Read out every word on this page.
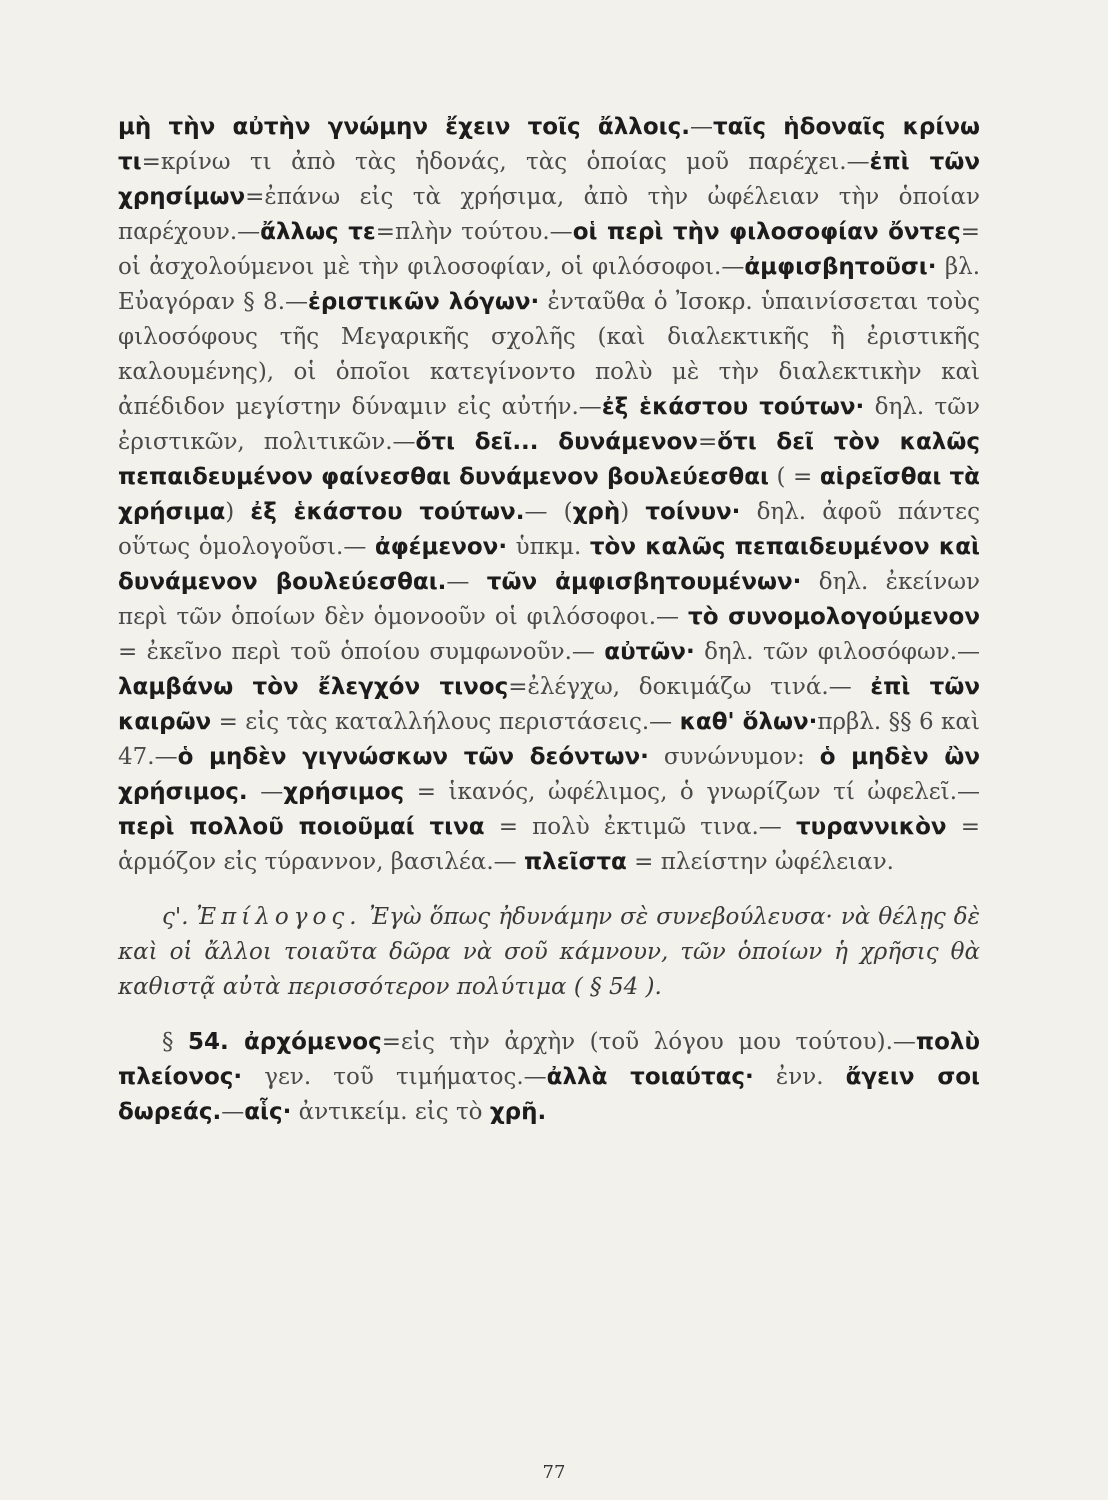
μὴ τὴν αὐτὴν γνώμην ἔχειν τοῖς ἄλλοις.—ταῖς ἡδοναῖς κρίνω τι=κρίνω τι ἀπὸ τὰς ἡδονάς, τὰς ὁποίας μοῦ παρέχει.—ἐπὶ τῶν χρησίμων=ἐπάνω εἰς τὰ χρήσιμα, ἀπὸ τὴν ὠφέλειαν τὴν ὁποίαν παρέχουν.—ἄλλως τε=πλὴν τούτου.—οἱ περὶ τὴν φιλοσοφίαν ὄντες= οἱ ἀσχολούμενοι μὲ τὴν φιλοσοφίαν, οἱ φιλόσοφοι.—ἀμφισβητοῦσι· βλ. Εὐαγόραν § 8.—ἐριστικῶν λόγων· ἐνταῦθα ὁ Ἰσοκρ. ὑπαινίσσεται τοὺς φιλοσόφους τῆς Μεγαρικῆς σχολῆς (καὶ διαλεκτικῆς ἢ ἐριστικῆς καλουμένης), οἱ ὁποῖοι κατεγίνοντο πολὺ μὲ τὴν διαλεκτικὴν καὶ ἀπέδιδον μεγίστην δύναμιν εἰς αὐτήν.—ἐξ ἑκάστου τούτων· δηλ. τῶν ἐριστικῶν, πολιτικῶν.—ὅτι δεῖ... δυνάμενον=ὅτι δεῖ τὸν καλῶς πεπαιδευμένον φαίνεσθαι δυνάμενον βουλεύεσθαι ( = αἱρεῖσθαι τὰ χρήσιμα) ἐξ ἑκάστου τούτων.— (χρὴ) τοίνυν· δηλ. ἀφοῦ πάντες οὕτως ὁμολογοῦσι.— ἀφέμενον· ὑπκμ. τὸν καλῶς πεπαιδευμένον καὶ δυνάμενον βουλεύεσθαι.— τῶν ἀμφισβητουμένων· δηλ. ἐκείνων περὶ τῶν ὁποίων δὲν ὁμονοοῦν οἱ φιλόσοφοι.— τὸ συνομολογούμενον = ἐκεῖνο περὶ τοῦ ὁποίου συμφωνοῦν.— αὐτῶν· δηλ. τῶν φιλοσόφων.— λαμβάνω τὸν ἔλεγχόν τινος=ἐλέγχω, δοκιμάζω τινά.— ἐπὶ τῶν καιρῶν = εἰς τὰς καταλλήλους περιστάσεις.— καθ' ὅλων·πρβλ. §§ 6 καὶ 47.—ὁ μηδὲν γιγνώσκων τῶν δεόντων· συνώνυμον: ὁ μηδὲν ὢν χρήσιμος. —χρήσιμος = ἱκανός, ὠφέλιμος, ὁ γνωρίζων τί ὠφελεῖ.— περὶ πολλοῦ ποιοῦμαί τινα = πολὺ ἐκτιμῶ τινα.— τυραννικὸν = ἁρμόζον εἰς τύραννον, βασιλέα.— πλεῖστα = πλείστην ὠφέλειαν.

ς'. Ἐπίλογος. Ἐγὼ ὅπως ἠδυνάμην σὲ συνεβούλευσα· νὰ θέλῃς δὲ καὶ οἱ ἄλλοι τοιαῦτα δῶρα νὰ σοῦ κάμνουν, τῶν ὁποίων ἡ χρῆσις θὰ καθιστᾷ αὐτὰ περισσότερον πολύτιμα ( § 54 ).

§ 54. ἀρχόμενος=εἰς τὴν ἀρχὴν (τοῦ λόγου μου τούτου).—πολὺ πλείονος· γεν. τοῦ τιμήματος.—ἀλλὰ τοιαύτας· ἐνν. ἄγειν σοι δωρεάς.—αἷς· ἀντικείμ. εἰς τὸ χρῆ.

77
